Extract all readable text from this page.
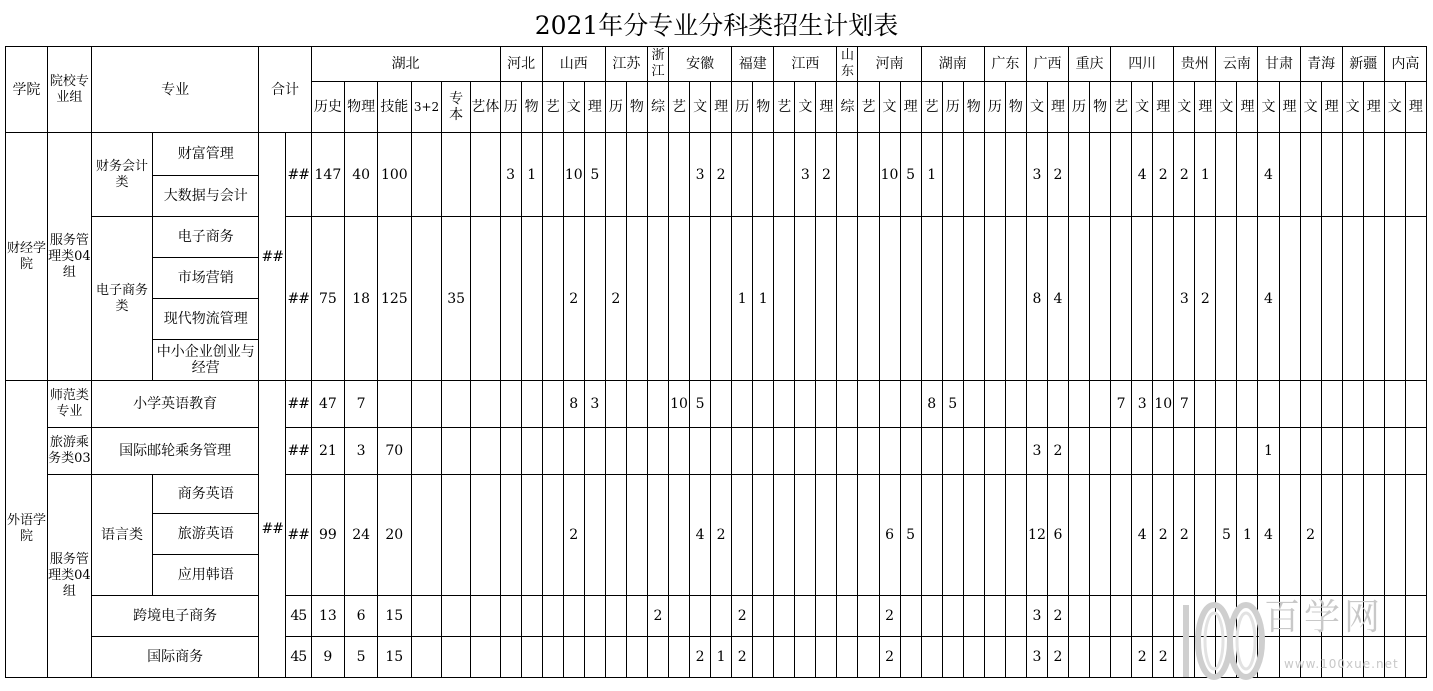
2021年分专业分科类招生计划表
学院	院校专业组	专业		合计		湖北						河北		山西			江苏		浙江	安徽			福建		江西			山东	河南			湖南			广东		广西		重庆		四川			贵州		云南		甘肃		青海		新疆		内高	
						历史	物理	技能	3+2	专本	艺体	历	物	艺	文	理	历	物	综	艺	文	理	历	物	艺	文	理	综	艺	文	理	艺	历	物	历	物	文	理	历	物	艺	文	理	文	理	文	理	文	理	文	理	文	理	文	理
财经学院	服务管理类04组	财务会计类	财富管理	##	##	147	40	100				3	1		10	5					3	2				3	2			10	5	1					3	2				4	2	2	1			4							
			大数据与会计																																																				
		电子商务类	电子商务		##	75	18	125		35					2		2						1	1													8	4						3	2			4							
			市场营销																																																				
			现代物流管理																																																				
			中小企业创业与经营																																																				
外语学院	师范类专业	小学英语教育		##	##	47	7								8	3				10	5											8	5								7	3	10	7											
	旅游乘务类03	国际邮轮乘务管理			##	21	3	70																													3	2										1							
	服务管理类04组	语言类	商务英语		##	99	24	20							2						4	2								6	5						12	6				4	2	2		5	1	4		2					
			旅游英语																																																				
			应用韩语																																																				
		跨境电子商务			45	13	6	15											2				2							2							3	2																	
		国际商务			45	9	5	15													2	1	2							2							3	2				2	2												
百学网
www.100xue.net
